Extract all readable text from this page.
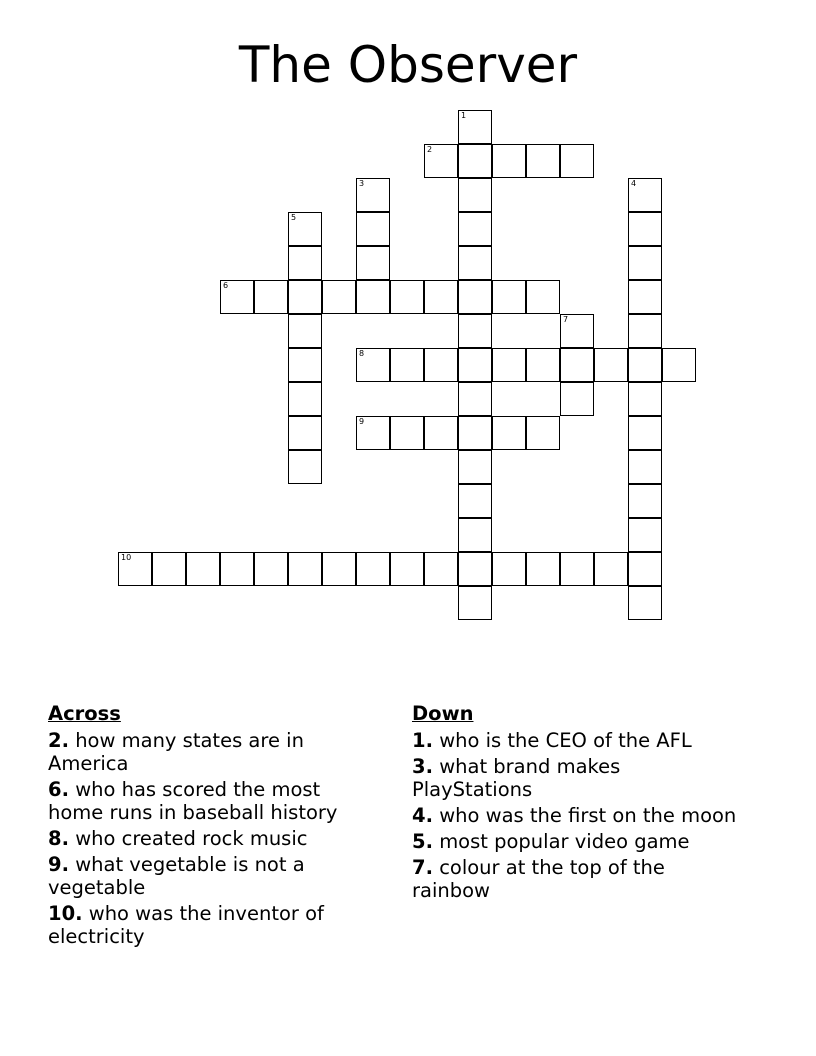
The Observer
1
2
3	4
5
6
7
8
9
10
Across
2. how many states are in America
6. who has scored the most home runs in baseball history
8. who created rock music
9. what vegetable is not a vegetable
10. who was the inventor of electricity
Down
1. who is the CEO of the AFL
3. what brand makes PlayStations
4. who was the first on the moon
5. most popular video game
7. colour at the top of the rainbow
